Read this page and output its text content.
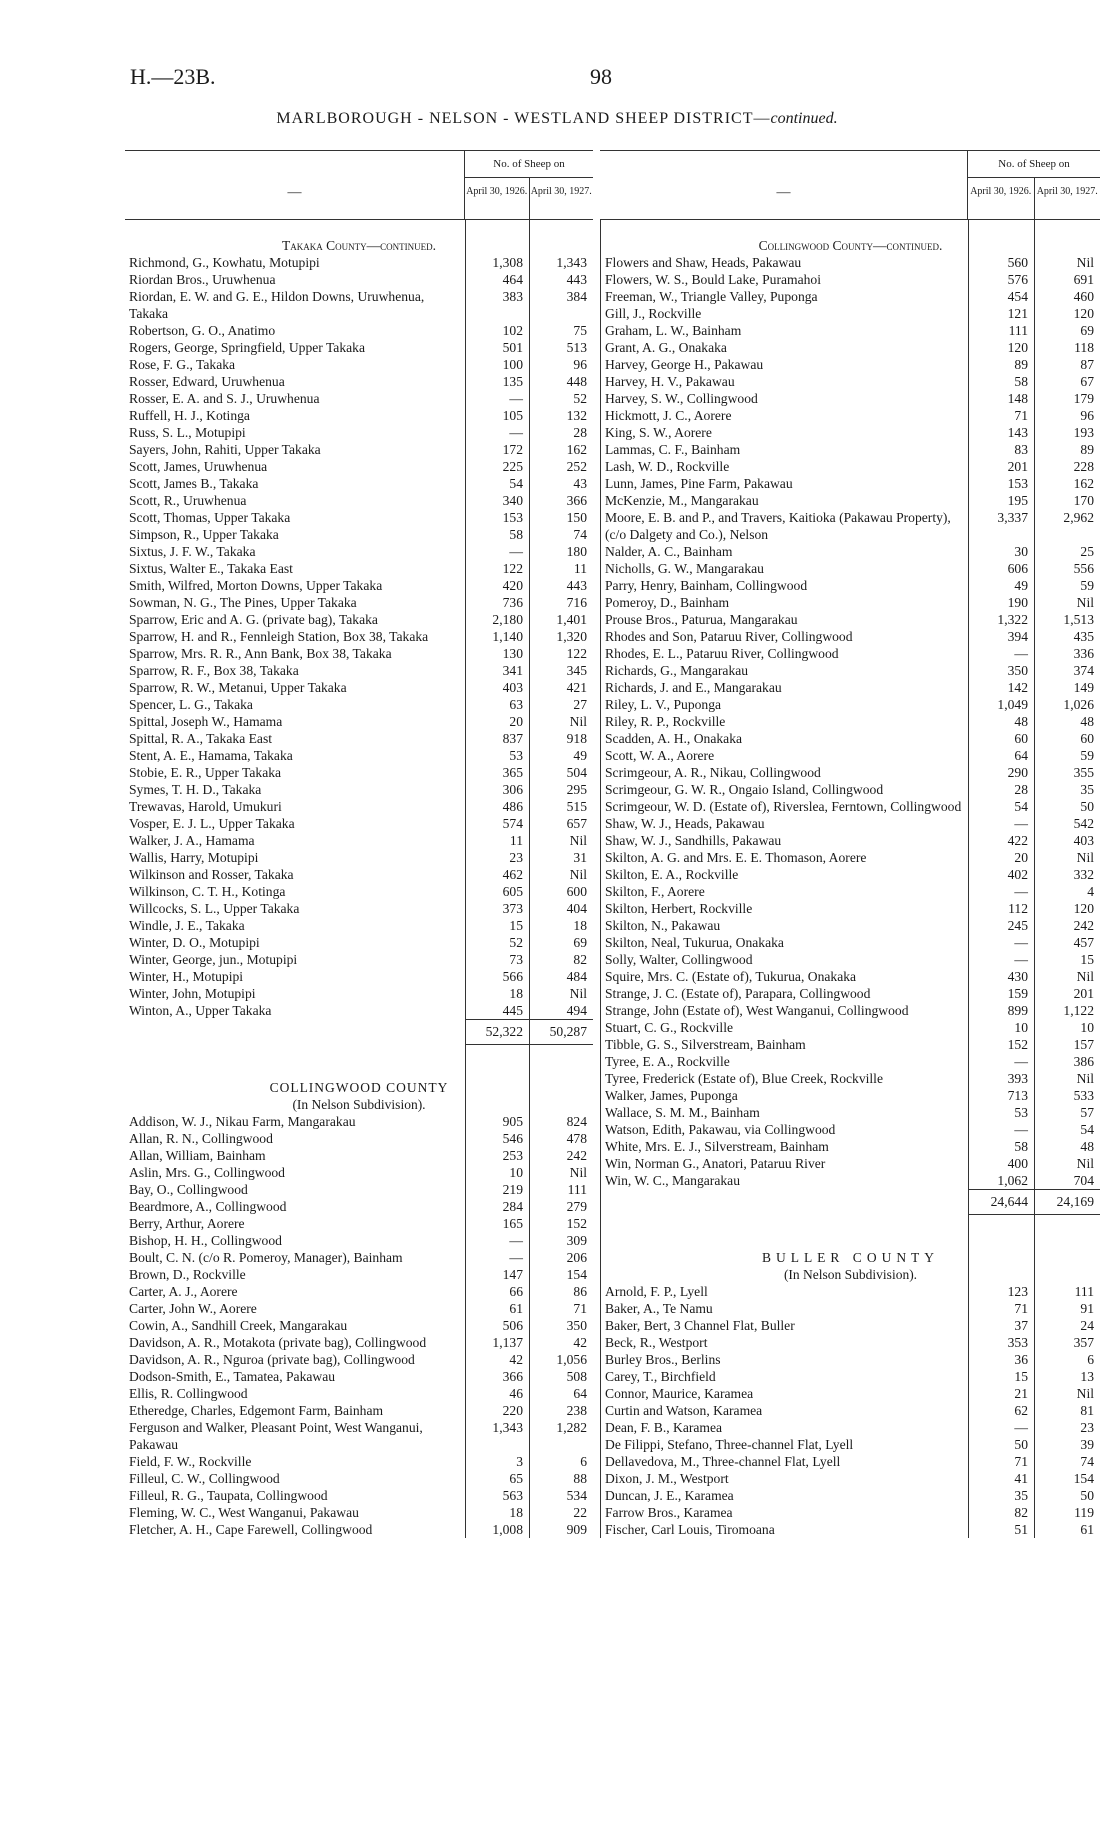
H.—23B.	98
MARLBOROUGH - NELSON - WESTLAND SHEEP DISTRICT—continued.
—
No. of Sheep on
April 30, 1926. April 30, 1927.
Takaka County—continued.
Richmond, G., Kowhatu, Motupipi	1,308	1,343
Riordan Bros., Uruwhenua	464	443
Riordan, E. W. and G. E., Hildon Downs, Uruwhenua, Takaka
383	384
Robertson, G. O., Anatimo	102	75
Rogers, George, Springfield, Upper Takaka	501	513
Rose, F. G., Takaka	100	96
Rosser, Edward, Uruwhenua	135	448
Rosser, E. A. and S. J., Uruwhenua	—	52
Ruffell, H. J., Kotinga	105	132
Russ, S. L., Motupipi	—	28
Sayers, John, Rahiti, Upper Takaka	172	162
Scott, James, Uruwhenua	225	252
Scott, James B., Takaka	54	43
Scott, R., Uruwhenua	340	366
Scott, Thomas, Upper Takaka	153	150
Simpson, R., Upper Takaka	58	74
Sixtus, J. F. W., Takaka	—	180
Sixtus, Walter E., Takaka East	122	11
Smith, Wilfred, Morton Downs, Upper Takaka	420	443
Sowman, N. G., The Pines, Upper Takaka	736	716
Sparrow, Eric and A. G. (private bag), Takaka	2,180	1,401
Sparrow, H. and R., Fennleigh Station, Box 38, Takaka	1,140	1,320
Sparrow, Mrs. R. R., Ann Bank, Box 38, Takaka	130	122
Sparrow, R. F., Box 38, Takaka	341	345
Sparrow, R. W., Metanui, Upper Takaka	403	421
Spencer, L. G., Takaka	63	27
Spittal, Joseph W., Hamama	20	Nil
Spittal, R. A., Takaka East	837	918
Stent, A. E., Hamama, Takaka	53	49
Stobie, E. R., Upper Takaka	365	504
Symes, T. H. D., Takaka	306	295
Trewavas, Harold, Umukuri	486	515
Vosper, E. J. L., Upper Takaka	574	657
Walker, J. A., Hamama	11	Nil
Wallis, Harry, Motupipi	23	31
Wilkinson and Rosser, Takaka	462	Nil
Wilkinson, C. T. H., Kotinga	605	600
Willcocks, S. L., Upper Takaka	373	404
Windle, J. E., Takaka	15	18
Winter, D. O., Motupipi	52	69
Winter, George, jun., Motupipi	73	82
Winter, H., Motupipi	566	484
Winter, John, Motupipi	18	Nil
Winton, A., Upper Takaka	445	494
52,322	50,287
COLLINGWOOD COUNTY
(In Nelson Subdivision).
Addison, W. J., Nikau Farm, Mangarakau	905	824
Allan, R. N., Collingwood	546	478
Allan, William, Bainham	253	242
Aslin, Mrs. G., Collingwood	10	Nil
Bay, O., Collingwood	219	111
Beardmore, A., Collingwood	284	279
Berry, Arthur, Aorere	165	152
Bishop, H. H., Collingwood	—	309
Boult, C. N. (c/o R. Pomeroy, Manager), Bainham	—	206
Brown, D., Rockville	147	154
Carter, A. J., Aorere	66	86
Carter, John W., Aorere	61	71
Cowin, A., Sandhill Creek, Mangarakau	506	350
Davidson, A. R., Motakota (private bag), Collingwood	1,137	42
Davidson, A. R., Nguroa (private bag), Collingwood	42	1,056
Dodson-Smith, E., Tamatea, Pakawau	366	508
Ellis, R. Collingwood	46	64
Etheredge, Charles, Edgemont Farm, Bainham	220	238
Ferguson and Walker, Pleasant Point, West Wanganui, Pakawau
1,343	1,282
Field, F. W., Rockville	3	6
Filleul, C. W., Collingwood	65	88
Filleul, R. G., Taupata, Collingwood	563	534
Fleming, W. C., West Wanganui, Pakawau	18	22
Fletcher, A. H., Cape Farewell, Collingwood	1,008	909
—
No. of Sheep on
April 30, 1926. April 30, 1927.
Collingwood County—continued.
Flowers and Shaw, Heads, Pakawau	560	Nil
Flowers, W. S., Bould Lake, Puramahoi	576	691
Freeman, W., Triangle Valley, Puponga	454	460
Gill, J., Rockville	121	120
Graham, L. W., Bainham	111	69
Grant, A. G., Onakaka	120	118
Harvey, George H., Pakawau	89	87
Harvey, H. V., Pakawau	58	67
Harvey, S. W., Collingwood	148	179
Hickmott, J. C., Aorere	71	96
King, S. W., Aorere	143	193
Lammas, C. F., Bainham	83	89
Lash, W. D., Rockville	201	228
Lunn, James, Pine Farm, Pakawau	153	162
McKenzie, M., Mangarakau	195	170
Moore, E. B. and P., and Travers, Kaitioka (Pakawau Property), (c/o Dalgety and Co.), Nelson
3,337	2,962
Nalder, A. C., Bainham	30	25
Nicholls, G. W., Mangarakau	606	556
Parry, Henry, Bainham, Collingwood	49	59
Pomeroy, D., Bainham	190	Nil
Prouse Bros., Paturua, Mangarakau	1,322	1,513
Rhodes and Son, Pataruu River, Collingwood	394	435
Rhodes, E. L., Pataruu River, Collingwood	—	336
Richards, G., Mangarakau	350	374
Richards, J. and E., Mangarakau	142	149
Riley, L. V., Puponga	1,049	1,026
Riley, R. P., Rockville	48	48
Scadden, A. H., Onakaka	60	60
Scott, W. A., Aorere	64	59
Scrimgeour, A. R., Nikau, Collingwood	290	355
Scrimgeour, G. W. R., Ongaio Island, Collingwood	28	35
Scrimgeour, W. D. (Estate of), Riverslea, Ferntown, Collingwood	54	50
Shaw, W. J., Heads, Pakawau	—	542
Shaw, W. J., Sandhills, Pakawau	422	403
Skilton, A. G. and Mrs. E. E. Thomason, Aorere	20	Nil
Skilton, E. A., Rockville	402	332
Skilton, F., Aorere	—	4
Skilton, Herbert, Rockville	112	120
Skilton, N., Pakawau	245	242
Skilton, Neal, Tukurua, Onakaka	—	457
Solly, Walter, Collingwood	—	15
Squire, Mrs. C. (Estate of), Tukurua, Onakaka	430	Nil
Strange, J. C. (Estate of), Parapara, Collingwood	159	201
Strange, John (Estate of), West Wanganui, Collingwood	899	1,122
Stuart, C. G., Rockville	10	10
Tibble, G. S., Silverstream, Bainham	152	157
Tyree, E. A., Rockville	—	386
Tyree, Frederick (Estate of), Blue Creek, Rockville	393	Nil
Walker, James, Puponga	713	533
Wallace, S. M. M., Bainham	53	57
Watson, Edith, Pakawau, via Collingwood	—	54
White, Mrs. E. J., Silverstream, Bainham	58	48
Win, Norman G., Anatori, Pataruu River	400	Nil
Win, W. C., Mangarakau	1,062	704
24,644	24,169
BULLER COUNTY
(In Nelson Subdivision).
Arnold, F. P., Lyell	123	111
Baker, A., Te Namu	71	91
Baker, Bert, 3 Channel Flat, Buller	37	24
Beck, R., Westport	353	357
Burley Bros., Berlins	36	6
Carey, T., Birchfield	15	13
Connor, Maurice, Karamea	21	Nil
Curtin and Watson, Karamea	62	81
Dean, F. B., Karamea	—	23
De Filippi, Stefano, Three-channel Flat, Lyell	50	39
Dellavedova, M., Three-channel Flat, Lyell	71	74
Dixon, J. M., Westport	41	154
Duncan, J. E., Karamea	35	50
Farrow Bros., Karamea	82	119
Fischer, Carl Louis, Tiromoana	51	61
